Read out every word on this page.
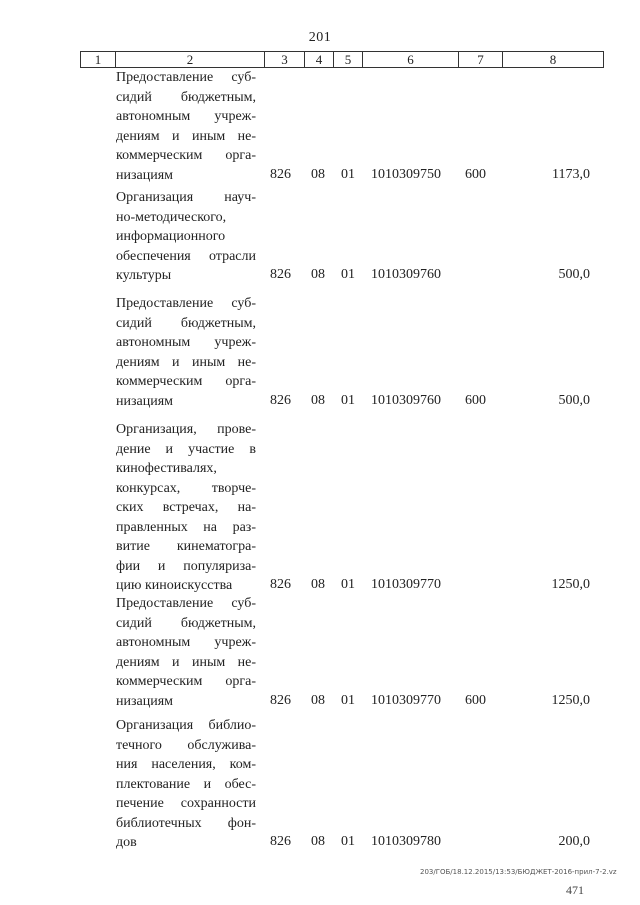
201
1	2	3	4	5	6	7	8
Предоставление суб-
сидий бюджетным,
автономным учреж-
дениям и иным не-
коммерческим орга-
низациям	826 08 01 1010309750 600	1173,0
Организация науч-
но-методического,
информационного
обеспечения отрасли
культуры	826 08 01 1010309760	500,0
Предоставление суб-
сидий бюджетным,
автономным учреж-
дениям и иным не-
коммерческим орга-
низациям	826 08 01 1010309760 600	500,0
Организация, прове-
дение и участие в
кинофестивалях,
конкурсах, творче-
ских встречах, на-
правленных на раз-
витие кинематогра-
фии и популяриза-
цию киноискусства	826 08 01 1010309770	1250,0
Предоставление суб-
сидий бюджетным,
автономным учреж-
дениям и иным не-
коммерческим орга-
низациям	826 08 01 1010309770 600	1250,0
Организация библио-
течного обслужива-
ния населения, ком-
плектование и обес-
печение сохранности
библиотечных фон-
дов	826 08 01 1010309780	200,0
203/ГОБ/18.12.2015/13:53/БЮДЖЕТ-2016-прил-7-2.vz
471
